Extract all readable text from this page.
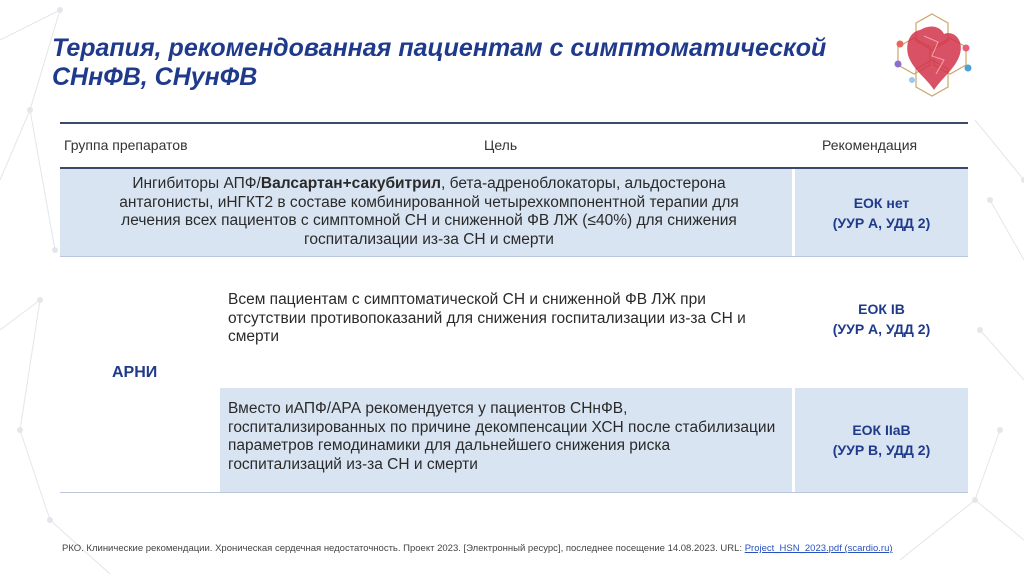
Терапия, рекомендованная пациентам с симптоматической СНнФВ, СНунФВ
Группа препаратов	Цель	Рекомендация
Ингибиторы АПФ/Валсартан+сакубитрил, бета-адреноблокаторы, альдостерона антагонисты, иНГКТ2 в составе комбинированной четырехкомпонентной терапии для лечения всех пациентов с симптомной СН и сниженной ФВ ЛЖ (≤40%) для снижения госпитализации из-за СН и смерти
ЕОК нет
(УУР А, УДД 2)
АРНИ
Всем пациентам с симптоматической СН и сниженной ФВ ЛЖ при отсутствии противопоказаний для снижения госпитализации из-за СН и смерти
ЕОК IB
(УУР А, УДД 2)
Вместо иАПФ/АРА рекомендуется у пациентов СНнФВ, госпитализированных по причине декомпенсации ХСН после стабилизации параметров гемодинамики для дальнейшего снижения риска госпитализаций из-за СН и смерти
ЕОК IIaB
(УУР В, УДД 2)
РКО. Клинические рекомендации. Хроническая сердечная недостаточность. Проект 2023. [Электронный ресурс], последнее посещение 14.08.2023. URL: Project_HSN_2023.pdf (scardio.ru)
